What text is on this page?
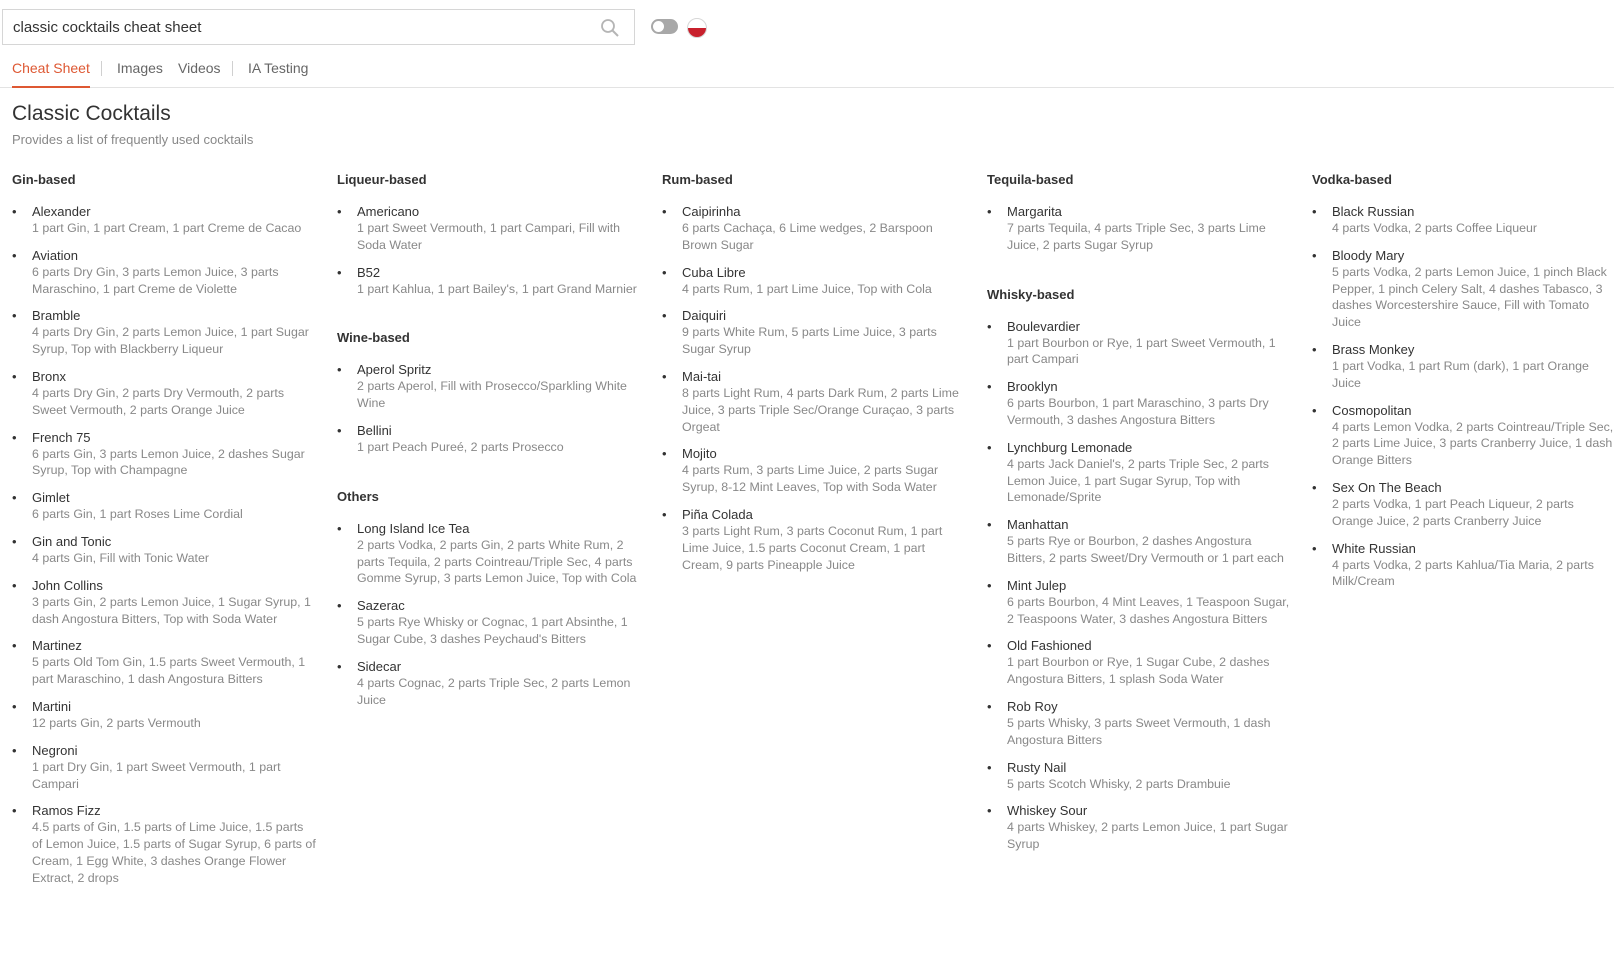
classic cocktails cheat sheet
Cheat Sheet Images Videos IA Testing
Classic Cocktails

Provides a list of frequently used cocktails

Gin-based
• Alexander
1 part Gin, 1 part Cream, 1 part Creme de Cacao
• Aviation
6 parts Dry Gin, 3 parts Lemon Juice, 3 parts Maraschino, 1 part Creme de Violette
• Bramble
4 parts Dry Gin, 2 parts Lemon Juice, 1 part Sugar Syrup, Top with Blackberry Liqueur
• Bronx
4 parts Dry Gin, 2 parts Dry Vermouth, 2 parts Sweet Vermouth, 2 parts Orange Juice
• French 75
6 parts Gin, 3 parts Lemon Juice, 2 dashes Sugar Syrup, Top with Champagne
• Gimlet
6 parts Gin, 1 part Roses Lime Cordial
• Gin and Tonic
4 parts Gin, Fill with Tonic Water
• John Collins
3 parts Gin, 2 parts Lemon Juice, 1 Sugar Syrup, 1 dash Angostura Bitters, Top with Soda Water
• Martinez
5 parts Old Tom Gin, 1.5 parts Sweet Vermouth, 1 part Maraschino, 1 dash Angostura Bitters
• Martini
12 parts Gin, 2 parts Vermouth
• Negroni
1 part Dry Gin, 1 part Sweet Vermouth, 1 part Campari
• Ramos Fizz
4.5 parts of Gin, 1.5 parts of Lime Juice, 1.5 parts of Lemon Juice, 1.5 parts of Sugar Syrup, 6 parts of Cream, 1 Egg White, 3 dashes Orange Flower Extract, 2 drops
Liqueur-based
• Americano
1 part Sweet Vermouth, 1 part Campari, Fill with Soda Water
• B52
1 part Kahlua, 1 part Bailey's, 1 part Grand Marnier
Wine-based
• Aperol Spritz
2 parts Aperol, Fill with Prosecco/Sparkling White Wine
• Bellini
1 part Peach Pureé, 2 parts Prosecco
Others
• Long Island Ice Tea
2 parts Vodka, 2 parts Gin, 2 parts White Rum, 2 parts Tequila, 2 parts Cointreau/Triple Sec, 4 parts Gomme Syrup, 3 parts Lemon Juice, Top with Cola
• Sazerac
5 parts Rye Whisky or Cognac, 1 part Absinthe, 1 Sugar Cube, 3 dashes Peychaud's Bitters
• Sidecar
4 parts Cognac, 2 parts Triple Sec, 2 parts Lemon Juice
Rum-based
• Caipirinha
6 parts Cachaça, 6 Lime wedges, 2 Barspoon Brown Sugar
• Cuba Libre
4 parts Rum, 1 part Lime Juice, Top with Cola
• Daiquiri
9 parts White Rum, 5 parts Lime Juice, 3 parts Sugar Syrup
• Mai-tai
8 parts Light Rum, 4 parts Dark Rum, 2 parts Lime Juice, 3 parts Triple Sec/Orange Curaçao, 3 parts Orgeat
• Mojito
4 parts Rum, 3 parts Lime Juice, 2 parts Sugar Syrup, 8-12 Mint Leaves, Top with Soda Water
• Piña Colada
3 parts Light Rum, 3 parts Coconut Rum, 1 part Lime Juice, 1.5 parts Coconut Cream, 1 part Cream, 9 parts Pineapple Juice
Tequila-based
• Margarita
7 parts Tequila, 4 parts Triple Sec, 3 parts Lime Juice, 2 parts Sugar Syrup
Whisky-based
• Boulevardier
1 part Bourbon or Rye, 1 part Sweet Vermouth, 1 part Campari
• Brooklyn
6 parts Bourbon, 1 part Maraschino, 3 parts Dry Vermouth, 3 dashes Angostura Bitters
• Lynchburg Lemonade
4 parts Jack Daniel's, 2 parts Triple Sec, 2 parts Lemon Juice, 1 part Sugar Syrup, Top with Lemonade/Sprite
• Manhattan
5 parts Rye or Bourbon, 2 dashes Angostura Bitters, 2 parts Sweet/Dry Vermouth or 1 part each
• Mint Julep
6 parts Bourbon, 4 Mint Leaves, 1 Teaspoon Sugar, 2 Teaspoons Water, 3 dashes Angostura Bitters
• Old Fashioned
1 part Bourbon or Rye, 1 Sugar Cube, 2 dashes Angostura Bitters, 1 splash Soda Water
• Rob Roy
5 parts Whisky, 3 parts Sweet Vermouth, 1 dash Angostura Bitters
• Rusty Nail
5 parts Scotch Whisky, 2 parts Drambuie
• Whiskey Sour
4 parts Whiskey, 2 parts Lemon Juice, 1 part Sugar Syrup
Vodka-based
• Black Russian
4 parts Vodka, 2 parts Coffee Liqueur
• Bloody Mary
5 parts Vodka, 2 parts Lemon Juice, 1 pinch Black Pepper, 1 pinch Celery Salt, 4 dashes Tabasco, 3 dashes Worcestershire Sauce, Fill with Tomato Juice
• Brass Monkey
1 part Vodka, 1 part Rum (dark), 1 part Orange Juice
• Cosmopolitan
4 parts Lemon Vodka, 2 parts Cointreau/Triple Sec, 2 parts Lime Juice, 3 parts Cranberry Juice, 1 dash Orange Bitters
• Sex On The Beach
2 parts Vodka, 1 part Peach Liqueur, 2 parts Orange Juice, 2 parts Cranberry Juice
• White Russian
4 parts Vodka, 2 parts Kahlua/Tia Maria, 2 parts Milk/Cream
